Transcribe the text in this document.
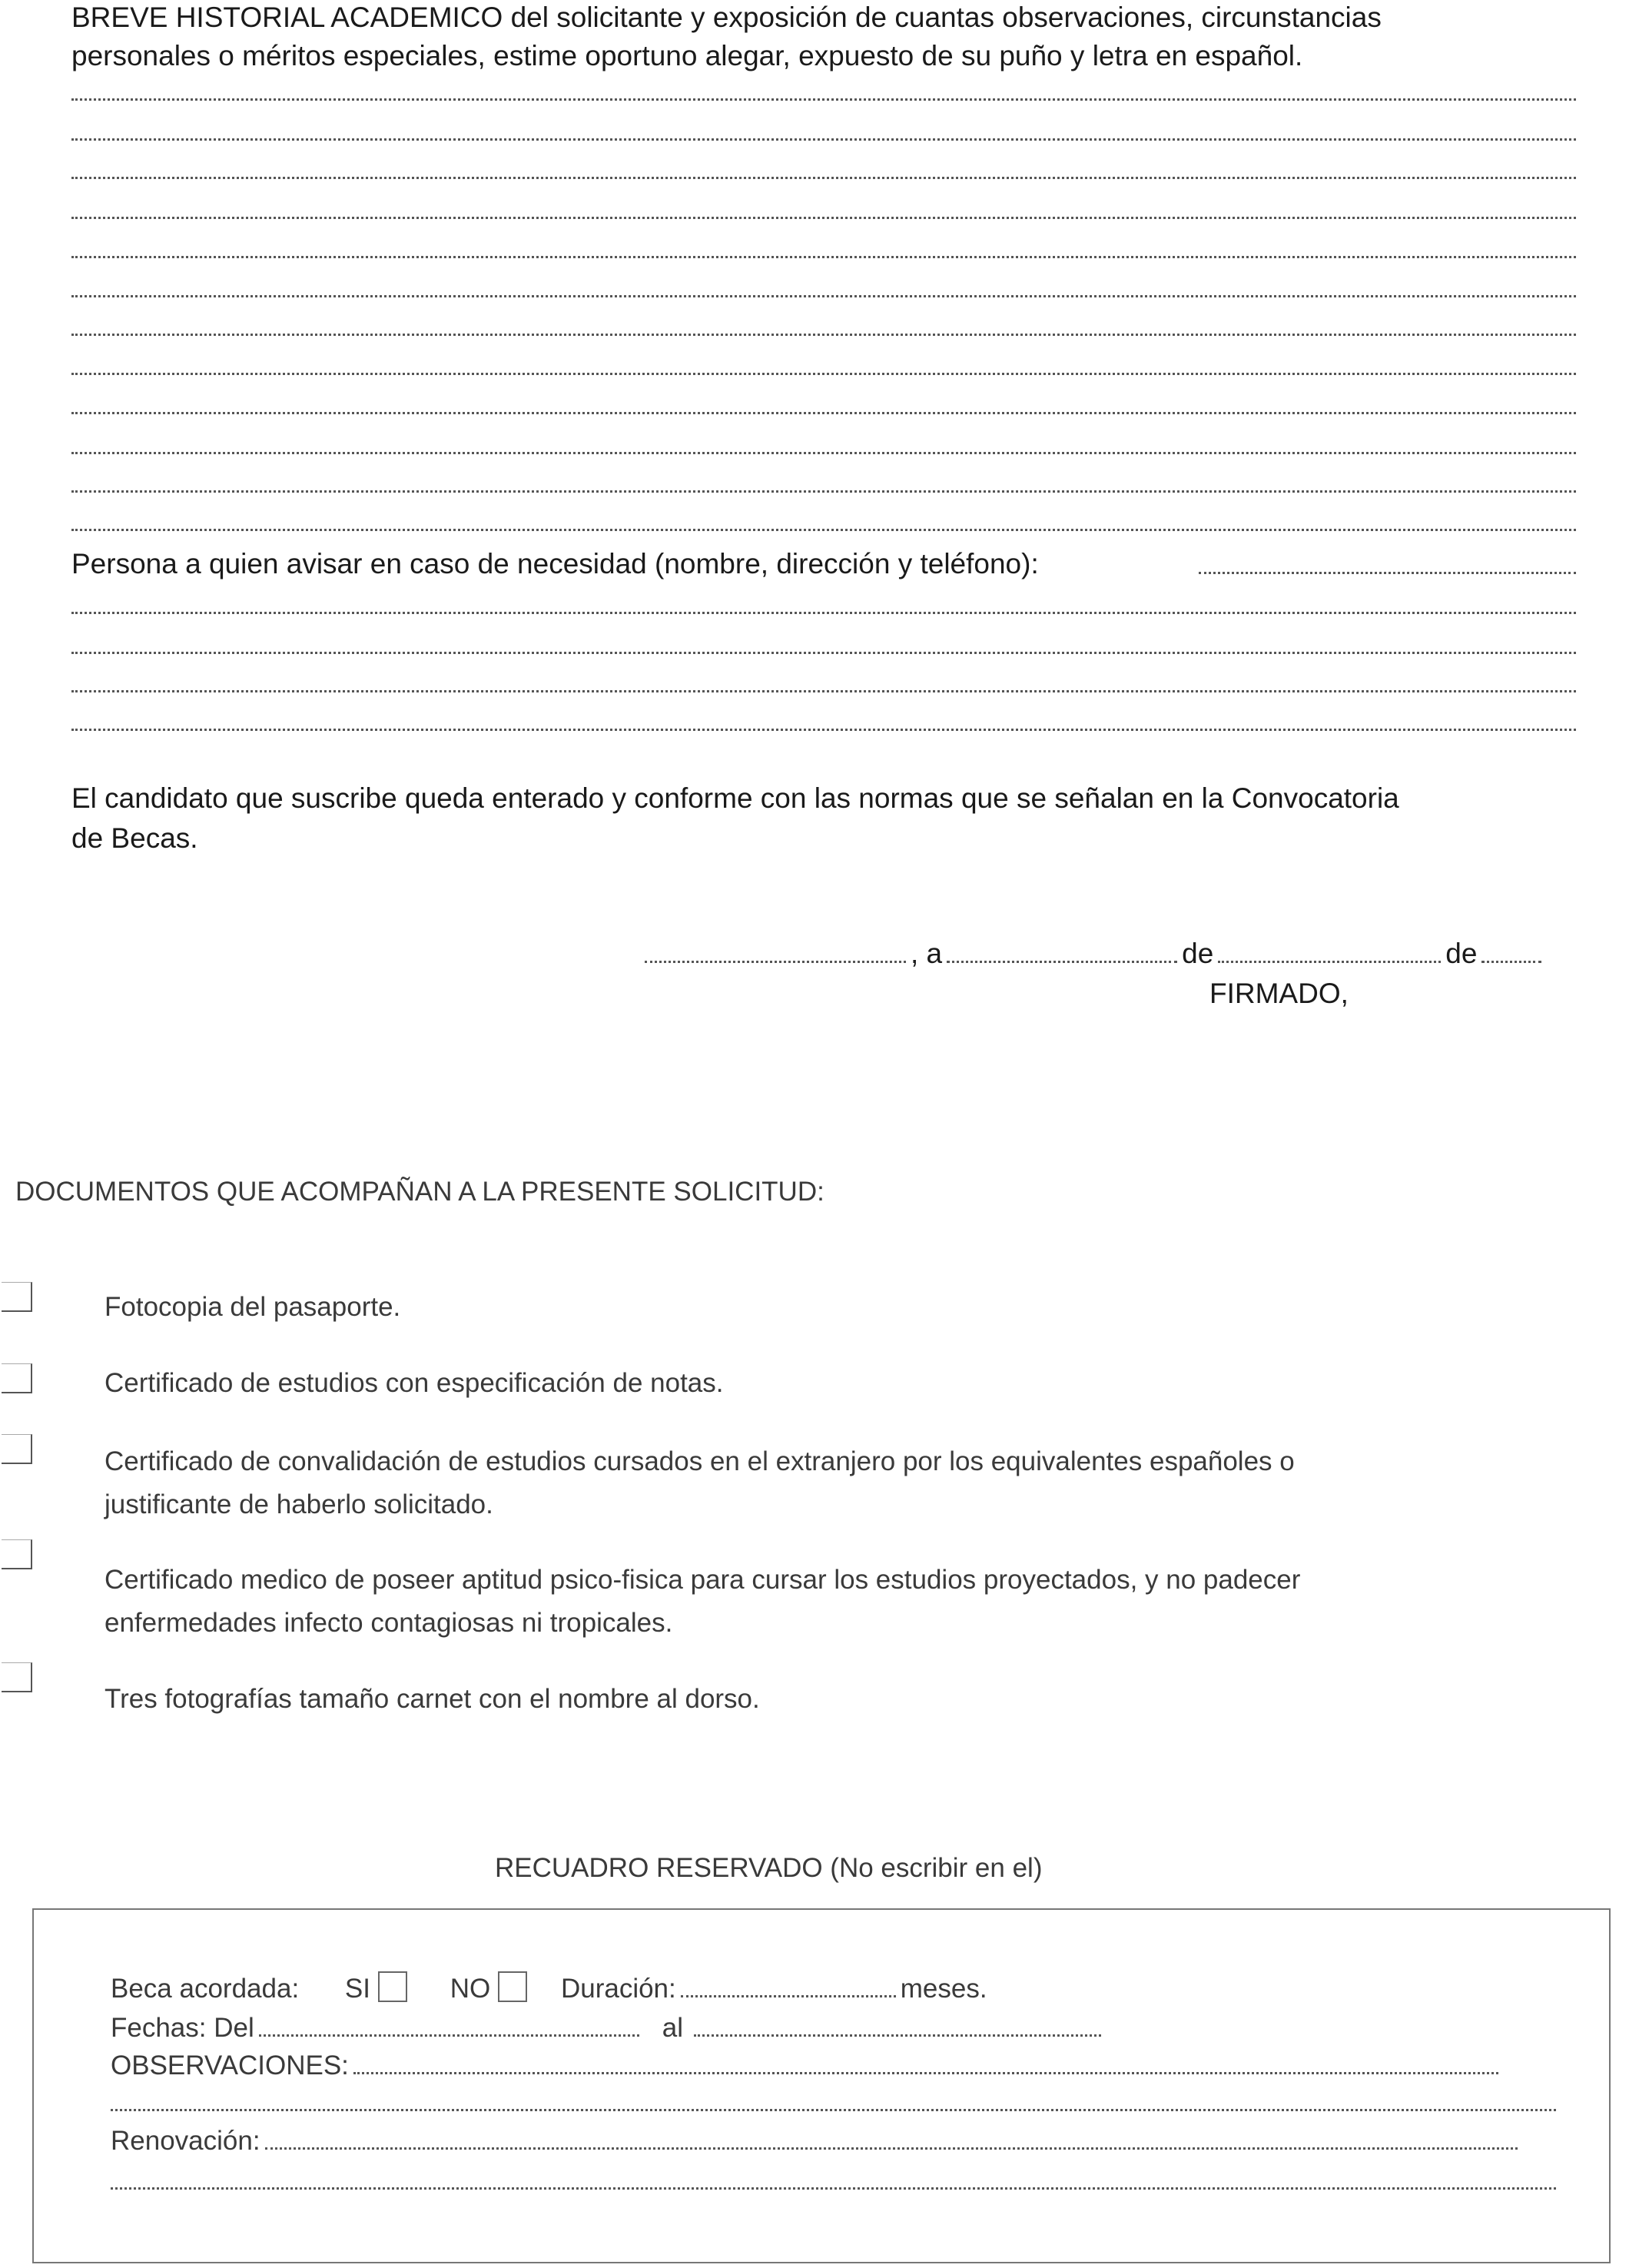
BREVE HISTORIAL ACADEMICO del solicitante y exposición de cuantas observaciones, circunstancias
personales o méritos especiales, estime oportuno alegar, expuesto de su puño y letra en español.
Persona a quien avisar en caso de necesidad (nombre, dirección y teléfono):
El candidato que suscribe queda enterado y conforme con las normas que se señalan en la Convocatoria
de Becas.
, a	de	de
FIRMADO,
DOCUMENTOS QUE ACOMPAÑAN A LA PRESENTE SOLICITUD:
Fotocopia del pasaporte.
Certificado de estudios con especificación de notas.
Certificado de convalidación de estudios cursados en el extranjero por los equivalentes españoles o
justificante de haberlo solicitado.
Certificado medico de poseer aptitud psico-fisica para cursar los estudios proyectados, y no padecer
enfermedades infecto contagiosas ni tropicales.
Tres fotografías tamaño carnet con el nombre al dorso.
RECUADRO RESERVADO (No escribir en el)
Beca acordada: SI	NO	Duración:	meses.
Fechas: Del	al
OBSERVACIONES:
Renovación:
